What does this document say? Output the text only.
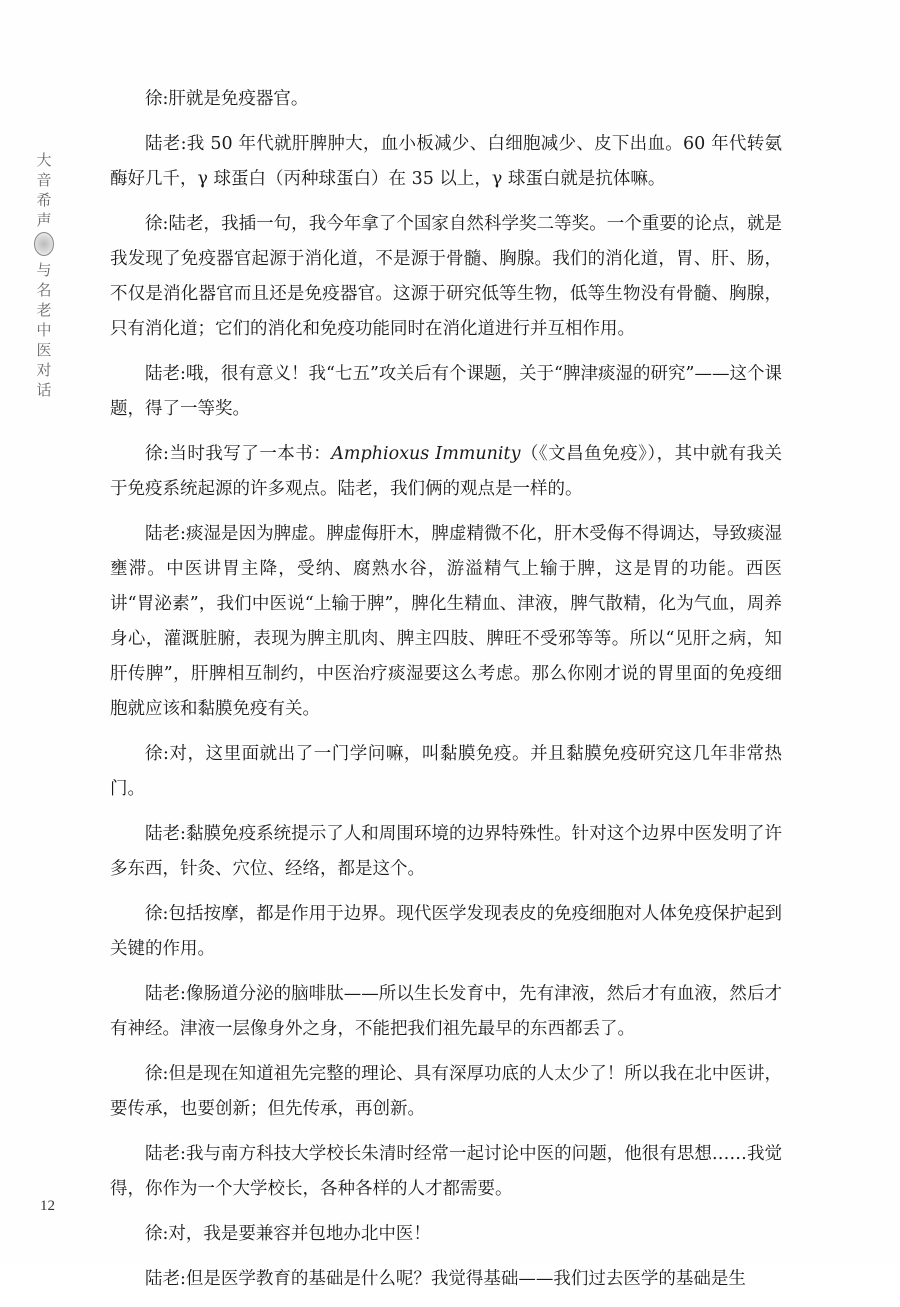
大
音
希
声
与
名
老
中
医
对
话

徐:肝就是免疫器官。

陆老:我 50 年代就肝脾肿大，血小板减少、白细胞减少、皮下出血。60 年代转氨酶好几千，γ 球蛋白（丙种球蛋白）在 35 以上，γ 球蛋白就是抗体嘛。

徐:陆老，我插一句，我今年拿了个国家自然科学奖二等奖。一个重要的论点，就是我发现了免疫器官起源于消化道，不是源于骨髓、胸腺。我们的消化道，胃、肝、肠，不仅是消化器官而且还是免疫器官。这源于研究低等生物，低等生物没有骨髓、胸腺，只有消化道；它们的消化和免疫功能同时在消化道进行并互相作用。

陆老:哦，很有意义！我“七五”攻关后有个课题，关于“脾津痰湿的研究”——这个课题，得了一等奖。

徐:当时我写了一本书：Amphioxus Immunity（《文昌鱼免疫》），其中就有我关于免疫系统起源的许多观点。陆老，我们俩的观点是一样的。

陆老:痰湿是因为脾虚。脾虚侮肝木，脾虚精微不化，肝木受侮不得调达，导致痰湿壅滞。中医讲胃主降，受纳、腐熟水谷，游溢精气上输于脾，这是胃的功能。西医讲“胃泌素”，我们中医说“上输于脾”，脾化生精血、津液，脾气散精，化为气血，周养身心，灌溉脏腑，表现为脾主肌肉、脾主四肢、脾旺不受邪等等。所以“见肝之病，知肝传脾”，肝脾相互制约，中医治疗痰湿要这么考虑。那么你刚才说的胃里面的免疫细胞就应该和黏膜免疫有关。

徐:对，这里面就出了一门学问嘛，叫黏膜免疫。并且黏膜免疫研究这几年非常热门。

陆老:黏膜免疫系统提示了人和周围环境的边界特殊性。针对这个边界中医发明了许多东西，针灸、穴位、经络，都是这个。

徐:包括按摩，都是作用于边界。现代医学发现表皮的免疫细胞对人体免疫保护起到关键的作用。

陆老:像肠道分泌的脑啡肽——所以生长发育中，先有津液，然后才有血液，然后才有神经。津液一层像身外之身，不能把我们祖先最早的东西都丢了。

徐:但是现在知道祖先完整的理论、具有深厚功底的人太少了！所以我在北中医讲，要传承，也要创新；但先传承，再创新。

陆老:我与南方科技大学校长朱清时经常一起讨论中医的问题，他很有思想……我觉得，你作为一个大学校长，各种各样的人才都需要。

徐:对，我是要兼容并包地办北中医！

陆老:但是医学教育的基础是什么呢？我觉得基础——我们过去医学的基础是生

12
